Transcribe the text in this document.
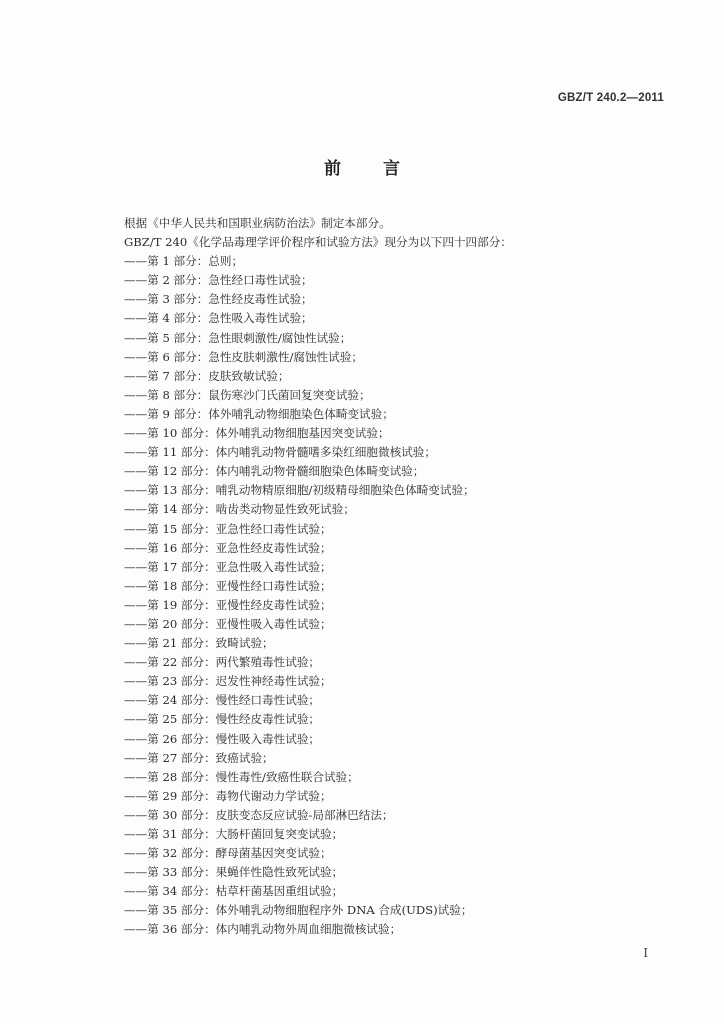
GBZ/T 240.2—2011
前言
根据《中华人民共和国职业病防治法》制定本部分。
GBZ/T 240《化学品毒理学评价程序和试验方法》现分为以下四十四部分：
——第 1 部分：总则；
——第 2 部分：急性经口毒性试验；
——第 3 部分：急性经皮毒性试验；
——第 4 部分：急性吸入毒性试验；
——第 5 部分：急性眼刺激性/腐蚀性试验；
——第 6 部分：急性皮肤刺激性/腐蚀性试验；
——第 7 部分：皮肤致敏试验；
——第 8 部分：鼠伤寒沙门氏菌回复突变试验；
——第 9 部分：体外哺乳动物细胞染色体畸变试验；
——第 10 部分：体外哺乳动物细胞基因突变试验；
——第 11 部分：体内哺乳动物骨髓嗜多染红细胞微核试验；
——第 12 部分：体内哺乳动物骨髓细胞染色体畸变试验；
——第 13 部分：哺乳动物精原细胞/初级精母细胞染色体畸变试验；
——第 14 部分：啮齿类动物显性致死试验；
——第 15 部分：亚急性经口毒性试验；
——第 16 部分：亚急性经皮毒性试验；
——第 17 部分：亚急性吸入毒性试验；
——第 18 部分：亚慢性经口毒性试验；
——第 19 部分：亚慢性经皮毒性试验；
——第 20 部分：亚慢性吸入毒性试验；
——第 21 部分：致畸试验；
——第 22 部分：两代繁殖毒性试验；
——第 23 部分：迟发性神经毒性试验；
——第 24 部分：慢性经口毒性试验；
——第 25 部分：慢性经皮毒性试验；
——第 26 部分：慢性吸入毒性试验；
——第 27 部分：致癌试验；
——第 28 部分：慢性毒性/致癌性联合试验；
——第 29 部分：毒物代谢动力学试验；
——第 30 部分：皮肤变态反应试验-局部淋巴结法；
——第 31 部分：大肠杆菌回复突变试验；
——第 32 部分：酵母菌基因突变试验；
——第 33 部分：果蝇伴性隐性致死试验；
——第 34 部分：枯草杆菌基因重组试验；
——第 35 部分：体外哺乳动物细胞程序外 DNA 合成(UDS)试验；
——第 36 部分：体内哺乳动物外周血细胞微核试验；
I
